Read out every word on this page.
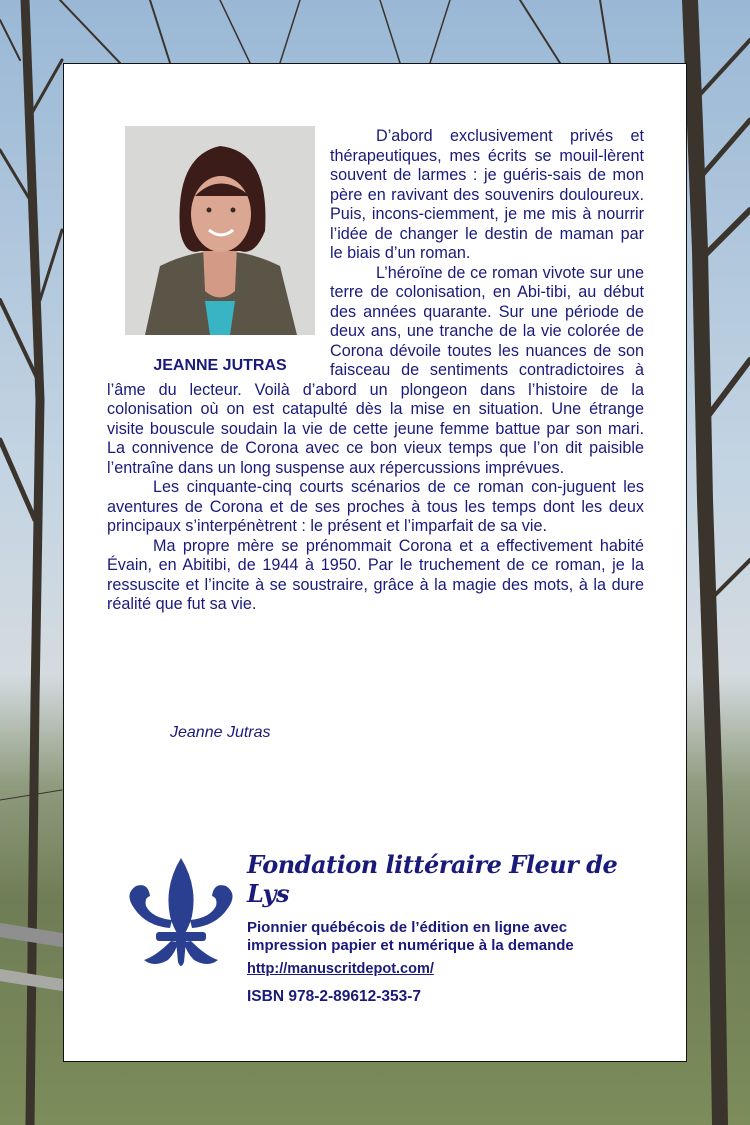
JEANNE JUTRAS

D’abord exclusivement privés et thérapeutiques, mes écrits se mouil-lèrent souvent de larmes : je guéris-sais de mon père en ravivant des souvenirs douloureux. Puis, incons-ciemment, je me mis à nourrir l’idée de changer le destin de maman par le biais d’un roman.

L’héroïne de ce roman vivote sur une terre de colonisation, en Abi-tibi, au début des années quarante. Sur une période de deux ans, une tranche de la vie colorée de Corona dévoile toutes les nuances de son faisceau de sentiments contradictoires à l’âme du lecteur. Voilà d’abord un plongeon dans l’histoire de la colonisation où on est catapulté dès la mise en situation. Une étrange visite bouscule soudain la vie de cette jeune femme battue par son mari. La connivence de Corona avec ce bon vieux temps que l’on dit paisible l’entraîne dans un long suspense aux répercussions imprévues.

Les cinquante-cinq courts scénarios de ce roman con-juguent les aventures de Corona et de ses proches à tous les temps dont les deux principaux s’interpénètrent : le présent et l’imparfait de sa vie.

Ma propre mère se prénommait Corona et a effectivement habité Évain, en Abitibi, de 1944 à 1950. Par le truchement de ce roman, je la ressuscite et l’incite à se soustraire, grâce à la magie des mots, à la dure réalité que fut sa vie.

Jeanne Jutras
Fondation littéraire Fleur de Lys
Pionnier québécois de l’édition en ligne avec
impression papier et numérique à la demande
http://manuscritdepot.com/
ISBN 978-2-89612-353-7
